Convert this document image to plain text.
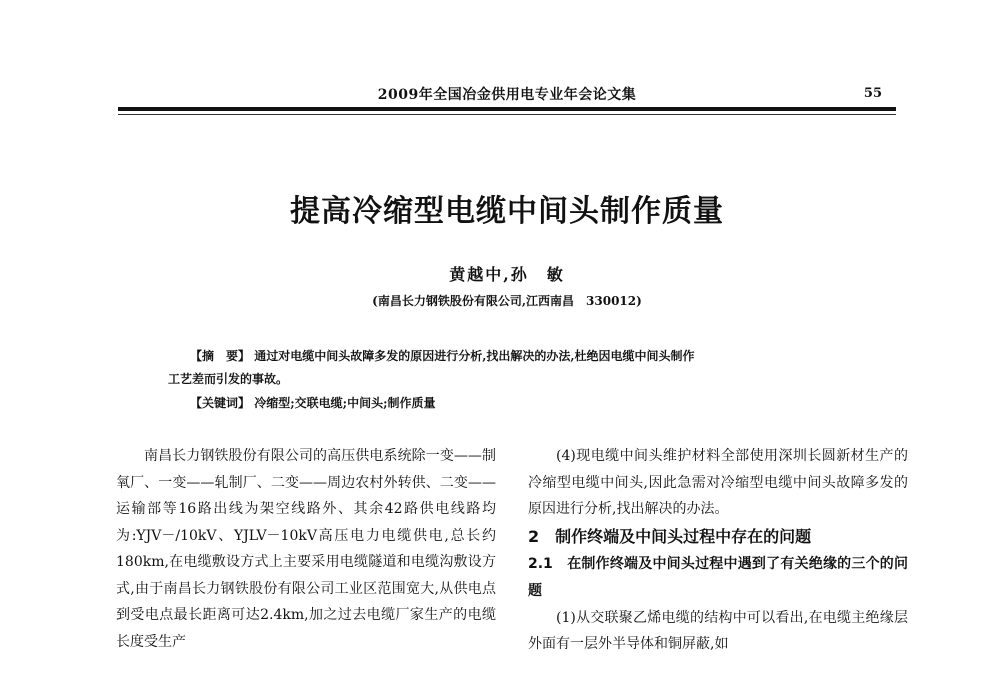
2009年全国冶金供用电专业年会论文集	55
提高冷缩型电缆中间头制作质量
黄越中,孙　敏
(南昌长力钢铁股份有限公司,江西南昌　330012)
【摘　要】 通过对电缆中间头故障多发的原因进行分析,找出解决的办法,杜绝因电缆中间头制作
工艺差而引发的事故。
【关键词】 冷缩型;交联电缆;中间头;制作质量

南昌长力钢铁股份有限公司的高压供电系统除一变——制氧厂、一变——轧制厂、二变——周边农村外转供、二变——运输部等16路出线为架空线路外、其余42路供电线路均为:YJV－/10kV、YJLV－10kV高压电力电缆供电,总长约180km,在电缆敷设方式上主要采用电缆隧道和电缆沟敷设方式,由于南昌长力钢铁股份有限公司工业区范围宽大,从供电点到受电点最长距离可达2.4km,加之过去电缆厂家生产的电缆长度受生产

(4)现电缆中间头维护材料全部使用深圳长圆新材生产的冷缩型电缆中间头,因此急需对冷缩型电缆中间头故障多发的原因进行分析,找出解决的办法。

2　制作终端及中间头过程中存在的问题
2.1　在制作终端及中间头过程中遇到了有关绝缘的三个的问题

(1)从交联聚乙烯电缆的结构中可以看出,在电缆主绝缘层外面有一层外半导体和铜屏蔽,如
